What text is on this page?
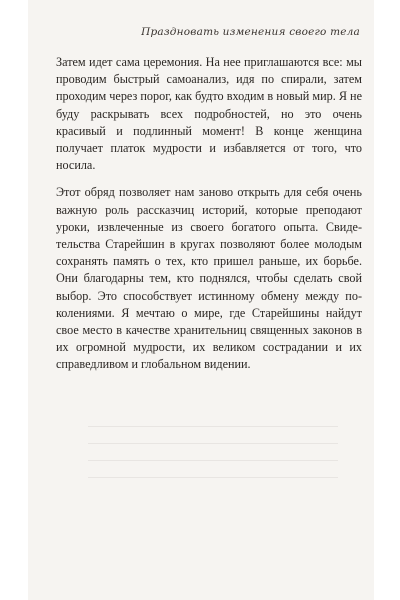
Праздновать изменения своего тела

Затем идет сама церемония. На нее приглашаются все: мы проводим быстрый самоанализ, идя по спирали, затем проходим через порог, как будто входим в новый мир. Я не буду раскрывать всех подробностей, но это очень красивый и подлинный момент! В конце женщина получает платок мудрости и избавляется от того, что носила.

Этот обряд позволяет нам заново открыть для себя очень важную роль рассказчиц историй, которые преподают уроки, извлеченные из своего богатого опыта. Свидетельства Старейшин в кругах позволяют более молодым сохранять память о тех, кто пришел раньше, их борьбе. Они благодарны тем, кто поднялся, чтобы сделать свой выбор. Это способствует истинному обмену между поколениями. Я мечтаю о мире, где Старейшины найдут свое место в качестве хранительниц священных законов в их огромной мудрости, их великом сострадании и их справедливом и глобальном видении.
